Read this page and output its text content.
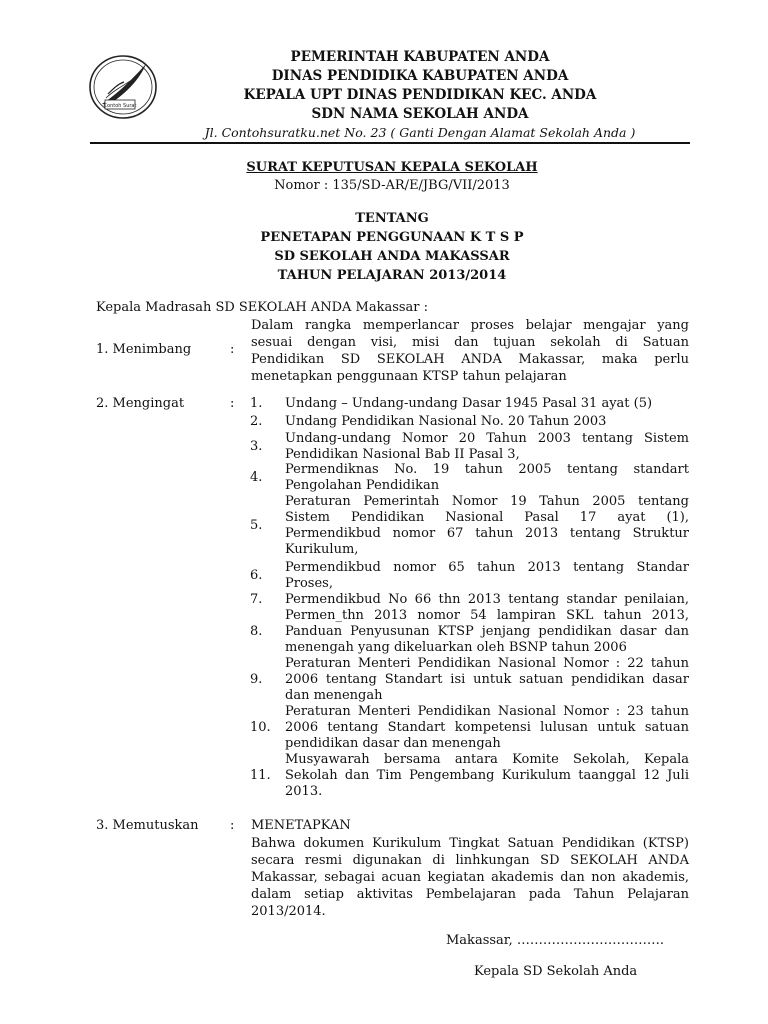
Contoh Surat
PEMERINTAH KABUPATEN ANDA
DINAS PENDIDIKA KABUPATEN ANDA
KEPALA UPT DINAS PENDIDIKAN KEC. ANDA
SDN NAMA SEKOLAH ANDA
Jl. Contohsuratku.net No. 23 ( Ganti Dengan Alamat Sekolah Anda )
SURAT KEPUTUSAN KEPALA SEKOLAH
Nomor : 135/SD-AR/E/JBG/VII/2013
TENTANG
PENETAPAN PENGGUNAAN K T S P
SD SEKOLAH ANDA MAKASSAR
TAHUN PELAJARAN 2013/2014
Kepala Madrasah SD SEKOLAH ANDA Makassar :
1. Menimbang	:
Dalam rangka memperlancar proses belajar mengajar yang
sesuai dengan visi, misi dan tujuan sekolah di Satuan
Pendidikan SD SEKOLAH ANDA Makassar, maka perlu
menetapkan penggunaan KTSP tahun pelajaran
2. Mengingat	: 1.	Undang – Undang-undang Dasar 1945 Pasal 31 ayat (5)
2.	Undang Pendidikan Nasional No. 20 Tahun 2003
3.
Undang-undang Nomor 20 Tahun 2003 tentang Sistem
Pendidikan Nasional Bab II Pasal 3,
4.
Permendiknas No. 19 tahun 2005 tentang standart
Pengolahan Pendidikan
5.
Peraturan Pemerintah Nomor 19 Tahun 2005 tentang
Sistem Pendidikan Nasional Pasal 17 ayat (1),
Permendikbud nomor 67 tahun 2013 tentang Struktur
Kurikulum,
6.
Permendikbud nomor 65 tahun 2013 tentang Standar
Proses,
7.	Permendikbud No 66 thn 2013 tentang standar penilaian,
8.
Permen_thn 2013 nomor 54 lampiran SKL tahun 2013,
Panduan Penyusunan KTSP jenjang pendidikan dasar dan
menengah yang dikeluarkan oleh BSNP tahun 2006
9.
Peraturan Menteri Pendidikan Nasional Nomor : 22 tahun
2006 tentang Standart isi untuk satuan pendidikan dasar
dan menengah
10.
Peraturan Menteri Pendidikan Nasional Nomor : 23 tahun
2006 tentang Standart kompetensi lulusan untuk satuan
pendidikan dasar dan menengah
11.
Musyawarah bersama antara Komite Sekolah, Kepala
Sekolah dan Tim Pengembang Kurikulum taanggal 12 Juli
2013.
3. Memutuskan : MENETAPKAN
Bahwa dokumen Kurikulum Tingkat Satuan Pendidikan (KTSP)
secara resmi digunakan di linhkungan SD SEKOLAH ANDA
Makassar, sebagai acuan kegiatan akademis dan non akademis,
dalam setiap aktivitas Pembelajaran pada Tahun Pelajaran
2013/2014.
Makassar, …………………………….
Kepala SD Sekolah Anda
